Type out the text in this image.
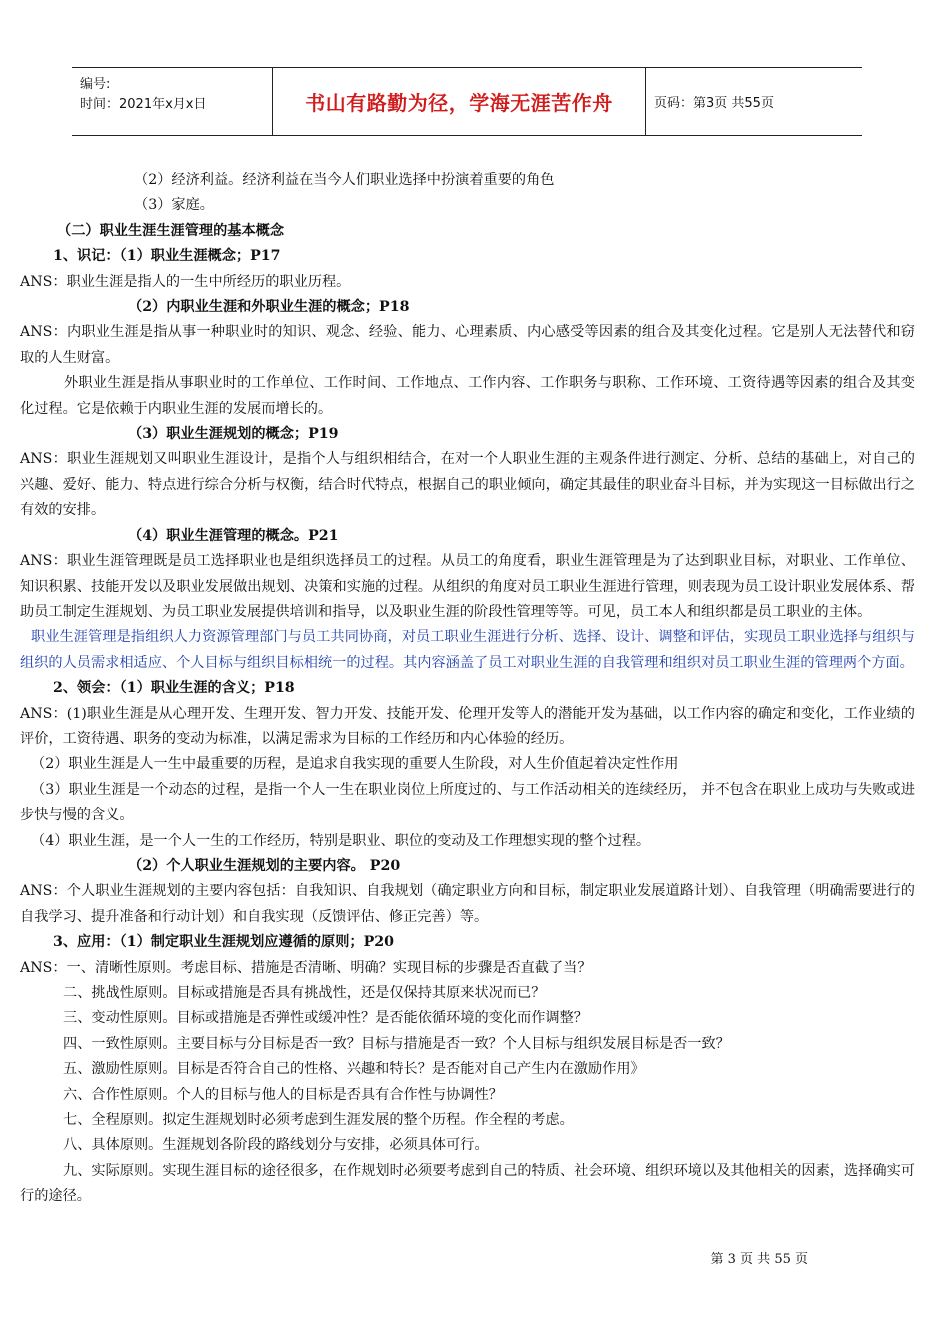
编号:
时间：2021年x月x日	书山有路勤为径，学海无涯苦作舟	页码：第3页 共55页

（2）经济利益。经济利益在当今人们职业选择中扮演着重要的角色

（3）家庭。

（二）职业生涯生涯管理的基本概念

1、识记：（1）职业生涯概念；P17

ANS：职业生涯是指人的一生中所经历的职业历程。

（2）内职业生涯和外职业生涯的概念；P18

ANS：内职业生涯是指从事一种职业时的知识、观念、经验、能力、心理素质、内心感受等因素的组合及其变化过程。它是别人无法替代和窃取的人生财富。

外职业生涯是指从事职业时的工作单位、工作时间、工作地点、工作内容、工作职务与职称、工作环境、工资待遇等因素的组合及其变化过程。它是依赖于内职业生涯的发展而增长的。

（3）职业生涯规划的概念；P19

ANS：职业生涯规划又叫职业生涯设计，是指个人与组织相结合，在对一个人职业生涯的主观条件进行测定、分析、总结的基础上，对自己的兴趣、爱好、能力、特点进行综合分析与权衡，结合时代特点，根据自己的职业倾向，确定其最佳的职业奋斗目标，并为实现这一目标做出行之有效的安排。

（4）职业生涯管理的概念。P21

ANS：职业生涯管理既是员工选择职业也是组织选择员工的过程。从员工的角度看，职业生涯管理是为了达到职业目标，对职业、工作单位、知识积累、技能开发以及职业发展做出规划、决策和实施的过程。从组织的角度对员工职业生涯进行管理，则表现为员工设计职业发展体系、帮助员工制定生涯规划、为员工职业发展提供培训和指导，以及职业生涯的阶段性管理等等。可见，员工本人和组织都是员工职业的主体。

职业生涯管理是指组织人力资源管理部门与员工共同协商，对员工职业生涯进行分析、选择、设计、调整和评估，实现员工职业选择与组织与组织的人员需求相适应、个人目标与组织目标相统一的过程。其内容涵盖了员工对职业生涯的自我管理和组织对员工职业生涯的管理两个方面。

2、领会：（1）职业生涯的含义；P18

ANS：(1)职业生涯是从心理开发、生理开发、智力开发、技能开发、伦理开发等人的潜能开发为基础，以工作内容的确定和变化，工作业绩的评价，工资待遇、职务的变动为标准，以满足需求为目标的工作经历和内心体验的经历。

（2）职业生涯是人一生中最重要的历程，是追求自我实现的重要人生阶段，对人生价值起着决定性作用

（3）职业生涯是一个动态的过程，是指一个人一生在职业岗位上所度过的、与工作活动相关的连续经历， 并不包含在职业上成功与失败或进步快与慢的含义。

（4）职业生涯，是一个人一生的工作经历，特别是职业、职位的变动及工作理想实现的整个过程。

（2）个人职业生涯规划的主要内容。 P20

ANS：个人职业生涯规划的主要内容包括：自我知识、自我规划（确定职业方向和目标，制定职业发展道路计划）、自我管理（明确需要进行的自我学习、提升准备和行动计划）和自我实现（反馈评估、修正完善）等。

3、应用：（1）制定职业生涯规划应遵循的原则；P20

ANS：一、清晰性原则。考虑目标、措施是否清晰、明确？实现目标的步骤是否直截了当？

二、挑战性原则。目标或措施是否具有挑战性，还是仅保持其原来状况而已？

三、变动性原则。目标或措施是否弹性或缓冲性？是否能依循环境的变化而作调整？

四、一致性原则。主要目标与分目标是否一致？目标与措施是否一致？个人目标与组织发展目标是否一致？

五、激励性原则。目标是否符合自己的性格、兴趣和特长？是否能对自己产生内在激励作用》

六、合作性原则。个人的目标与他人的目标是否具有合作性与协调性？

七、全程原则。拟定生涯规划时必须考虑到生涯发展的整个历程。作全程的考虑。

八、具体原则。生涯规划各阶段的路线划分与安排，必须具体可行。

九、实际原则。实现生涯目标的途径很多，在作规划时必须要考虑到自己的特质、社会环境、组织环境以及其他相关的因素，选择确实可行的途径。

第 3 页 共 55 页
